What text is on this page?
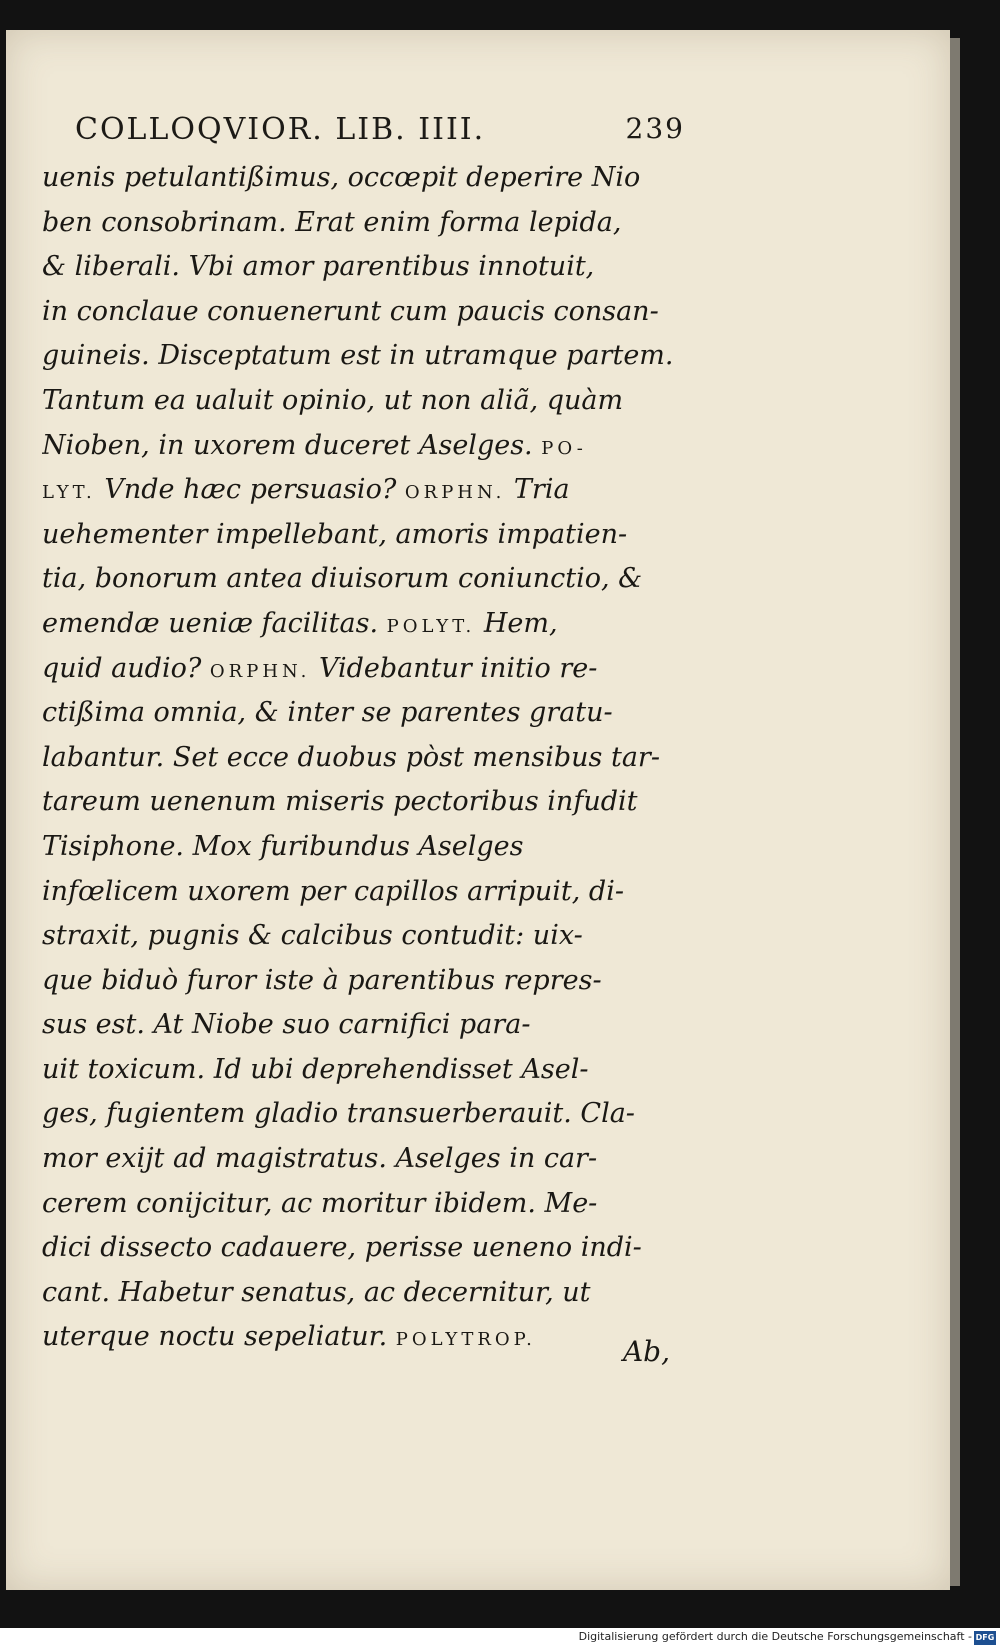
COLLOQVIOR. LIB. IIII.	239
uenis petulantißimus, occœpit deperire Nio
ben consobrinam. Erat enim forma lepida,
& liberali. Vbi amor parentibus innotuit,
in conclaue conuenerunt cum paucis consan-
guineis. Disceptatum est in utramque partem.
Tantum ea ualuit opinio, ut non aliã, quàm
Nioben, in uxorem duceret Aselges. PO-
LYT. Vnde hæc persuasio? ORPHN. Tria
uehementer impellebant, amoris impatien-
tia, bonorum antea diuisorum coniunctio, &
emendæ ueniæ facilitas. POLYT. Hem,
quid audio? ORPHN. Videbantur initio re-
ctißima omnia, & inter se parentes gratu-
labantur. Set ecce duobus pòst mensibus tar-
tareum uenenum miseris pectoribus infudit
Tisiphone. Mox furibundus Aselges
infœlicem uxorem per capillos arripuit, di-
straxit, pugnis & calcibus contudit: uix-
que biduò furor iste à parentibus repres-
sus est. At Niobe suo carnifici para-
uit toxicum. Id ubi deprehendisset Asel-
ges, fugientem gladio transuerberauit. Cla-
mor exijt ad magistratus. Aselges in car-
cerem conijcitur, ac moritur ibidem. Me-
dici dissecto cadauere, perisse ueneno indi-
cant. Habetur senatus, ac decernitur, ut
uterque noctu sepeliatur. POLYTROP.	Ab,
Digitalisierung gefördert durch die Deutsche Forschungsgemeinschaft - DFG
